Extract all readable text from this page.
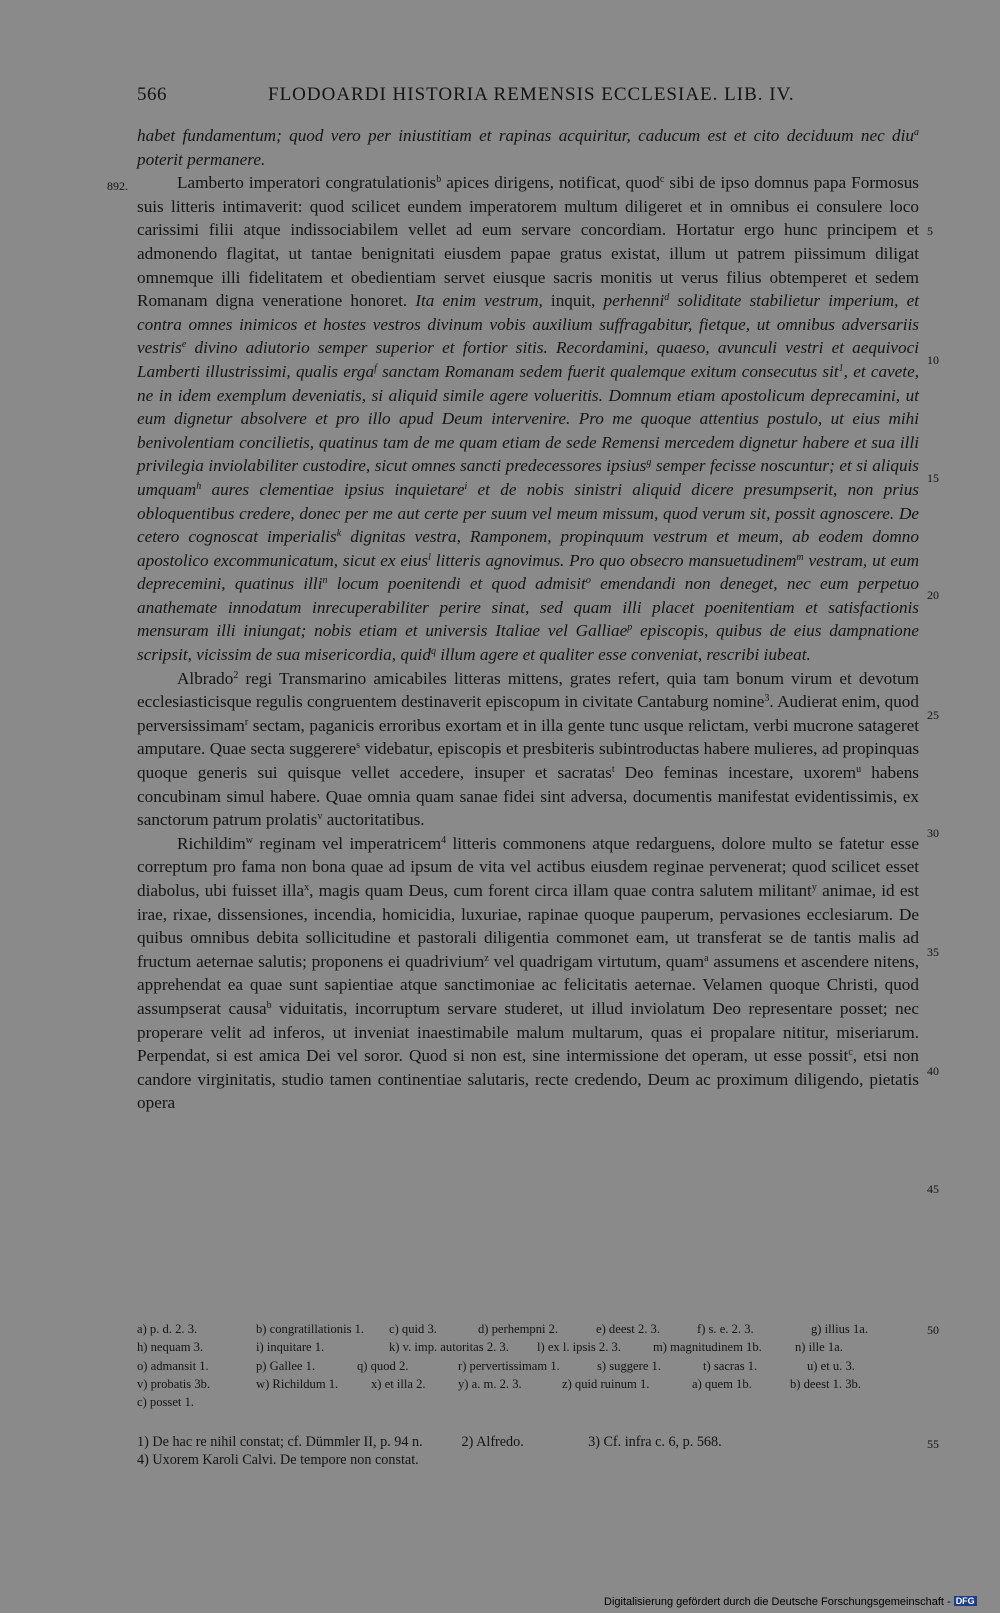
566	FLODOARDI HISTORIA REMENSIS ECCLESIAE. LIB. IV.
892.

habet fundamentum; quod vero per iniustitiam et rapinas acquiritur, caducum est et cito deciduum nec diu$^a$ poterit permanere.

Lamberto imperatori congratulationis$^b$ apices dirigens, notificat, quod$^c$ sibi de ipso domnus papa Formosus suis litteris intimaverit: quod scilicet eundem imperatorem multum diligeret et in omnibus ei consulere loco carissimi filii atque indissociabilem vellet ad eum servare concordiam. Hortatur ergo hunc principem et admonendo flagitat, ut tantae benignitati eiusdem papae gratus existat, illum ut patrem piissimum diligat omnemque illi fidelitatem et obedientiam servet eiusque sacris monitis ut verus filius obtemperet et sedem Romanam digna veneratione honoret. Ita enim vestrum, inquit, perhenni$^d$ soliditate stabilietur imperium, et contra omnes inimicos et hostes vestros divinum vobis auxilium suffragabitur, fietque, ut omnibus adversariis vestris$^e$ divino adiutorio semper superior et fortior sitis. Recordamini, quaeso, avunculi vestri et aequivoci Lamberti illustrissimi, qualis erga$^f$ sanctam Romanam sedem fuerit qualemque exitum consecutus sit$^1$, et cavete, ne in idem exemplum deveniatis, si aliquid simile agere volueritis. Domnum etiam apostolicum deprecamini, ut eum dignetur absolvere et pro illo apud Deum intervenire. Pro me quoque attentius postulo, ut eius mihi benivolentiam concilietis, quatinus tam de me quam etiam de sede Remensi mercedem dignetur habere et sua illi privilegia inviolabiliter custodire, sicut omnes sancti predecessores ipsius$^g$ semper fecisse noscuntur; et si aliquis umquam$^h$ aures clementiae ipsius inquietare$^i$ et de nobis sinistri aliquid dicere presumpserit, non prius obloquentibus credere, donec per me aut certe per suum vel meum missum, quod verum sit, possit agnoscere. De cetero cognoscat imperialis$^k$ dignitas vestra, Ramponem, propinquum vestrum et meum, ab eodem domno apostolico excommunicatum, sicut ex eius$^l$ litteris agnovimus. Pro quo obsecro mansuetudinem$^m$ vestram, ut eum deprecemini, quatinus illi$^n$ locum poenitendi et quod admisit$^o$ emendandi non deneget, nec eum perpetuo anathemate innodatum inrecuperabiliter perire sinat, sed quam illi placet poenitentiam et satisfactionis mensuram illi iniungat; nobis etiam et universis Italiae vel Galliae$^p$ episcopis, quibus de eius dampnatione scripsit, vicissim de sua misericordia, quid$^q$ illum agere et qualiter esse conveniat, rescribi iubeat.

Albrado$^2$ regi Transmarino amicabiles litteras mittens, grates refert, quia tam bonum virum et devotum ecclesiasticisque regulis congruentem destinaverit episcopum in civitate Cantaburg nomine$^3$. Audierat enim, quod perversissimam$^r$ sectam, paganicis erroribus exortam et in illa gente tunc usque relictam, verbi mucrone satageret amputare. Quae secta suggerere$^s$ videbatur, episcopis et presbiteris subintroductas habere mulieres, ad propinquas quoque generis sui quisque vellet accedere, insuper et sacratas$^t$ Deo feminas incestare, uxorem$^u$ habens concubinam simul habere. Quae omnia quam sanae fidei sint adversa, documentis manifestat evidentissimis, ex sanctorum patrum prolatis$^v$ auctoritatibus.

Richildim$^w$ reginam vel imperatricem$^4$ litteris commonens atque redarguens, dolore multo se fatetur esse correptum pro fama non bona quae ad ipsum de vita vel actibus eiusdem reginae pervenerat; quod scilicet esset diabolus, ubi fuisset illa$^x$, magis quam Deus, cum forent circa illam quae contra salutem militant$^y$ animae, id est irae, rixae, dissensiones, incendia, homicidia, luxuriae, rapinae quoque pauperum, pervasiones ecclesiarum. De quibus omnibus debita sollicitudine et pastorali diligentia commonet eam, ut transferat se de tantis malis ad fructum aeternae salutis; proponens ei quadrivium$^z$ vel quadrigam virtutum, quam$^a$ assumens et ascendere nitens, apprehendat ea quae sunt sapientiae atque sanctimoniae ac felicitatis aeternae. Velamen quoque Christi, quod assumpserat causa$^b$ viduitatis, incorruptum servare studeret, ut illud inviolatum Deo representare posset; nec properare velit ad inferos, ut inveniat inaestimabile malum multarum, quas ei propalare nititur, miseriarum. Perpendat, si est amica Dei vel soror. Quod si non est, sine intermissione det operam, ut esse possit$^c$, etsi non candore virginitatis, studio tamen continentiae salutaris, recte credendo, Deum ac proximum diligendo, pietatis opera

5
10
15
20
25
30
35
40
45
50
55
a) p. d. 2. 3.	b) congratillationis 1.	c) quid 3.	d) perhempni 2.	e) deest 2. 3.	f) s. e. 2. 3.	g) illius 1a.
h) nequam 3.	i) inquitare 1.	k) v. imp. autoritas 2. 3.	l) ex l. ipsis 2. 3.	m) magnitudinem 1b.	n) ille 1a.
o) admansit 1.	p) Gallee 1.	q) quod 2.	r) pervertissimam 1.	s) suggere 1.	t) sacras 1.	u) et u. 3.
v) probatis 3b.	w) Richildum 1.	x) et illa 2.	y) a. m. 2. 3.	z) quid ruinum 1.	a) quem 1b.	b) deest 1. 3b.
c) posset 1.
1) De hac re nihil constat; cf. Dümmler II, p. 94 n.	2) Alfredo.	3) Cf. infra c. 6, p. 568.
4) Uxorem Karoli Calvi. De tempore non constat.
Digitalisierung gefördert durch die Deutsche Forschungsgemeinschaft - DFG
